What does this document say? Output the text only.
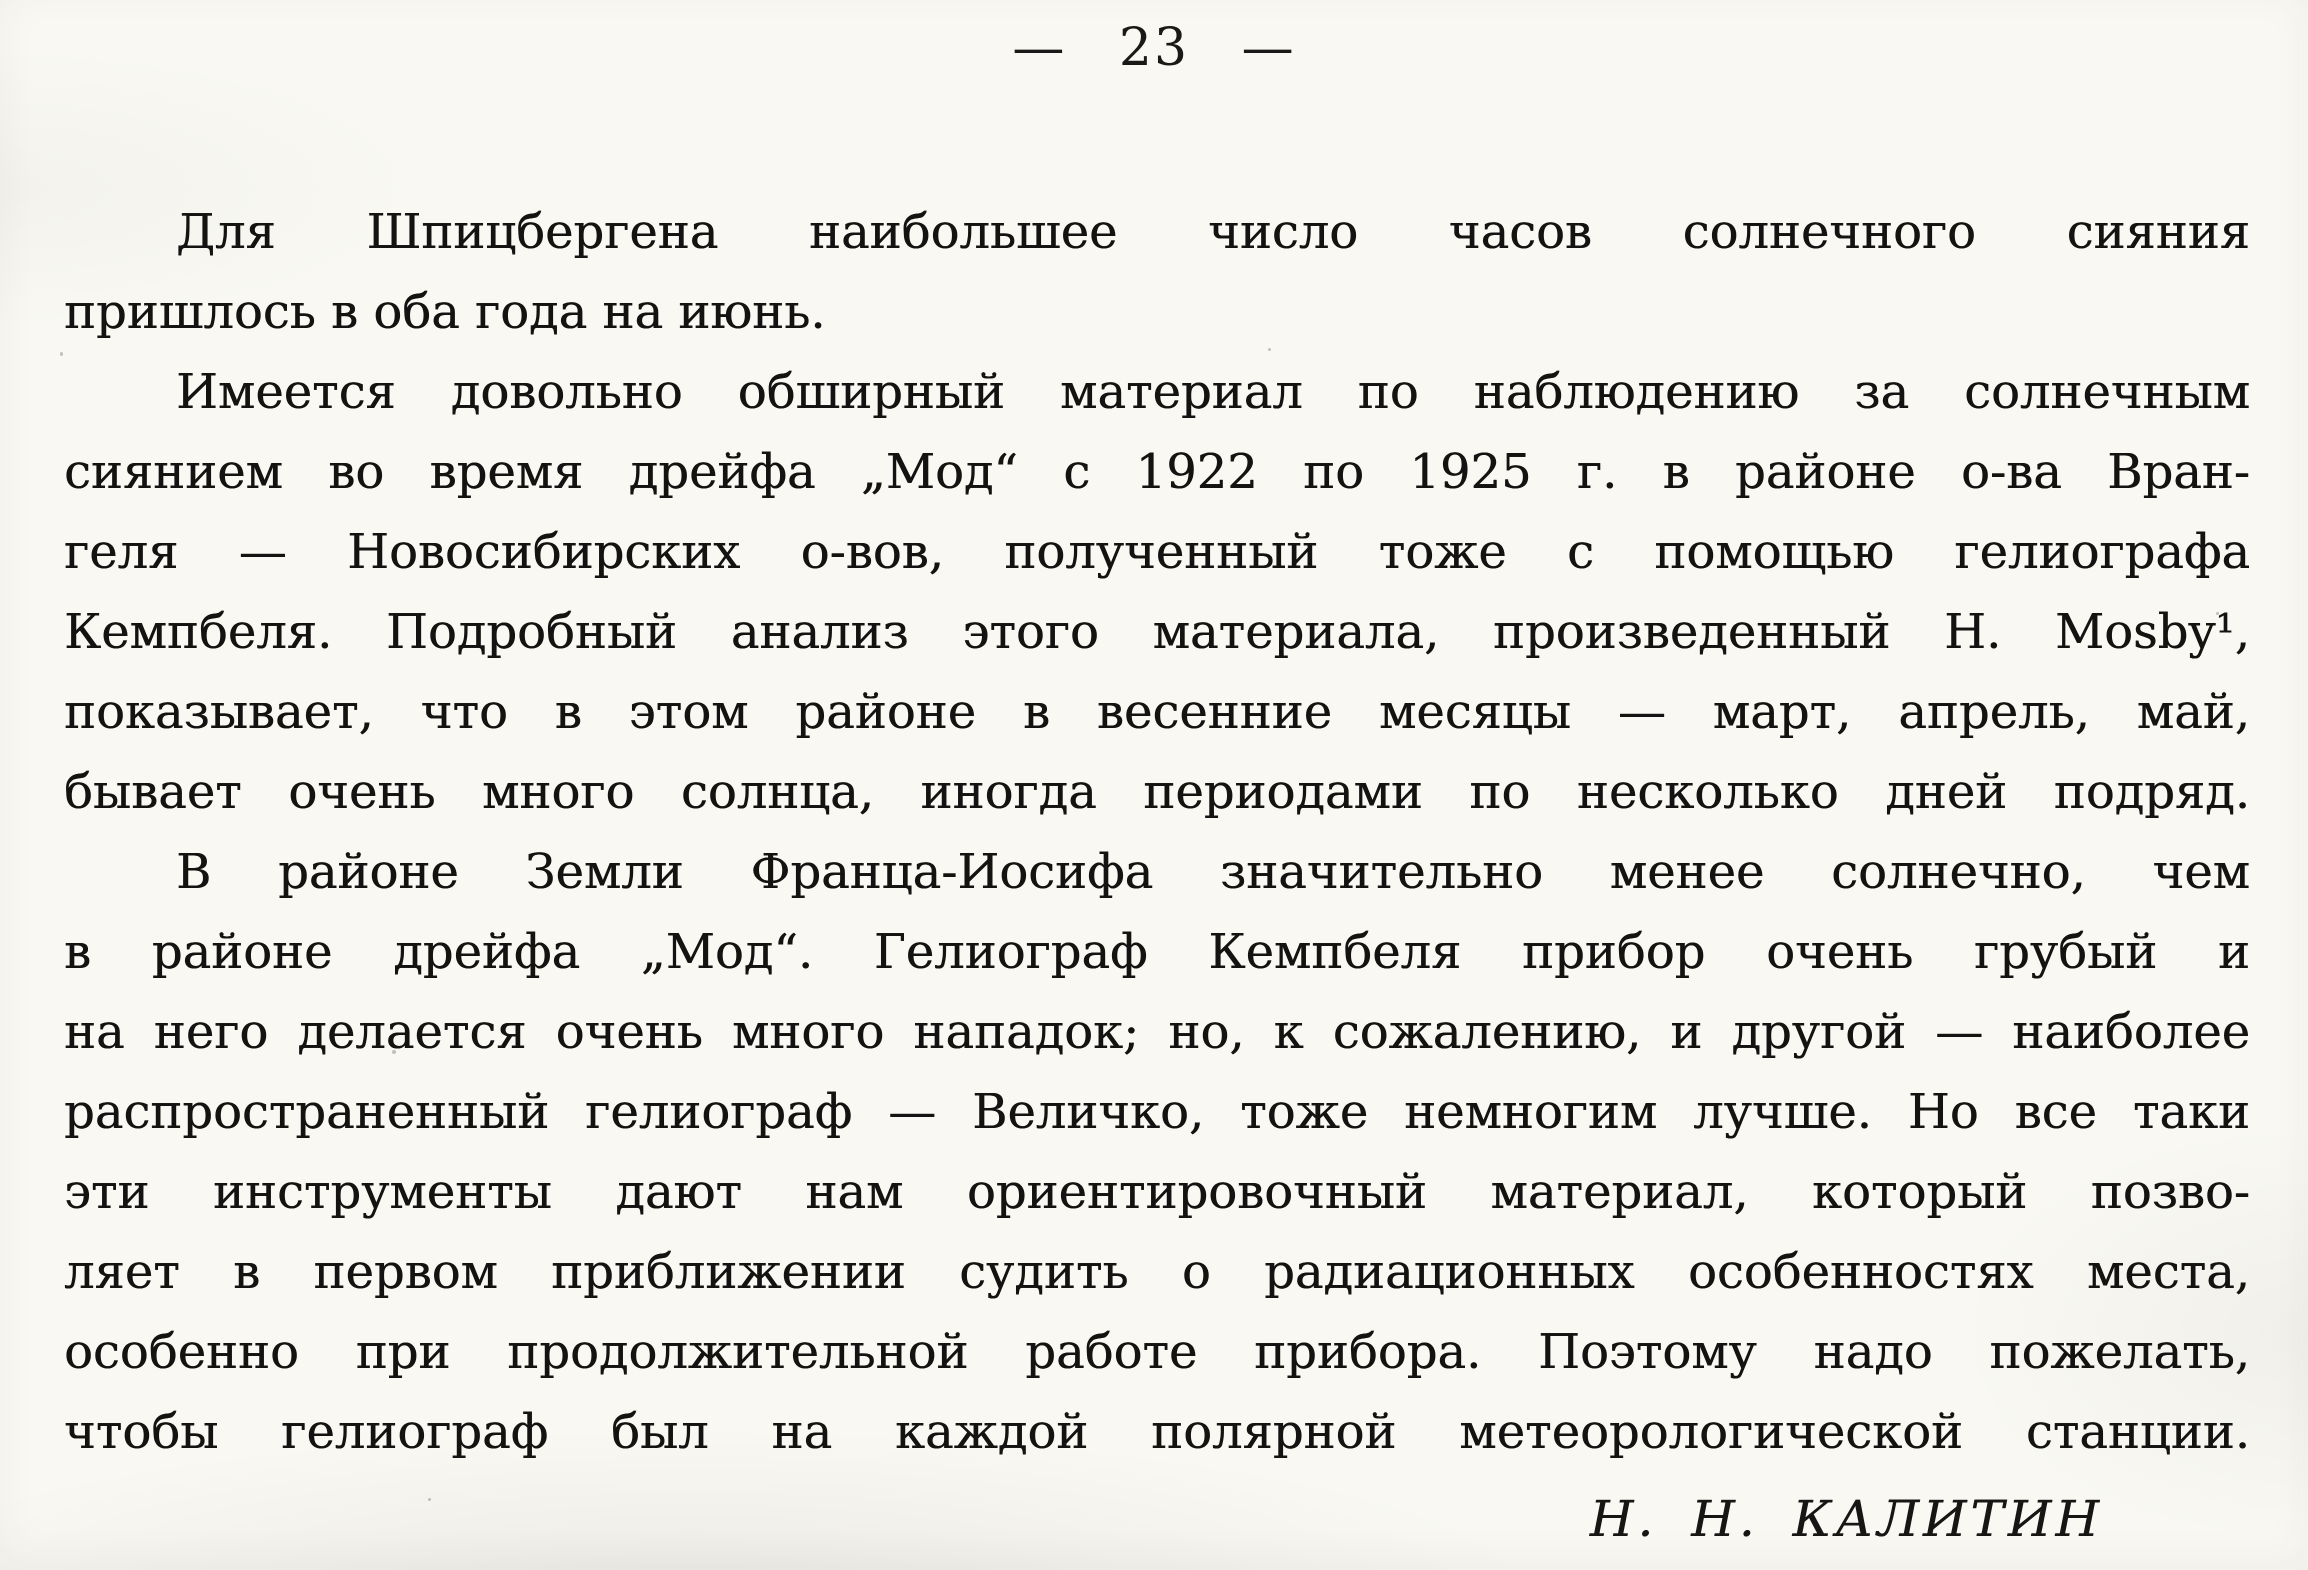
— 23 —
Для Шпицбергена наибольшее число часов солнечного сияния
пришлось в оба года на июнь.
Имеется довольно обширный материал по наблюдению за солнечным
сиянием во время дрейфа „Мод“ с 1922 по 1925 г. в районе о-ва Вран-
геля — Новосибирских о-вов, полученный тоже с помощью гелиографа
Кемпбеля. Подробный анализ этого материала, произведенный H. Mosby¹,
показывает, что в этом районе в весенние месяцы — март, апрель, май,
бывает очень много солнца, иногда периодами по несколько дней подряд.
В районе Земли Франца-Иосифа значительно менее солнечно, чем
в районе дрейфа „Мод“. Гелиограф Кемпбеля прибор очень грубый и
на него делается очень много нападок; но, к сожалению, и другой — наиболее
распространенный гелиограф — Величко, тоже немногим лучше. Но все таки
эти инструменты дают нам ориентировочный материал, который позво-
ляет в первом приближении судить о радиационных особенностях места,
особенно при продолжительной работе прибора. Поэтому надо пожелать,
чтобы гелиограф был на каждой полярной метеорологической станции.
Н. Н. КАЛИТИН
